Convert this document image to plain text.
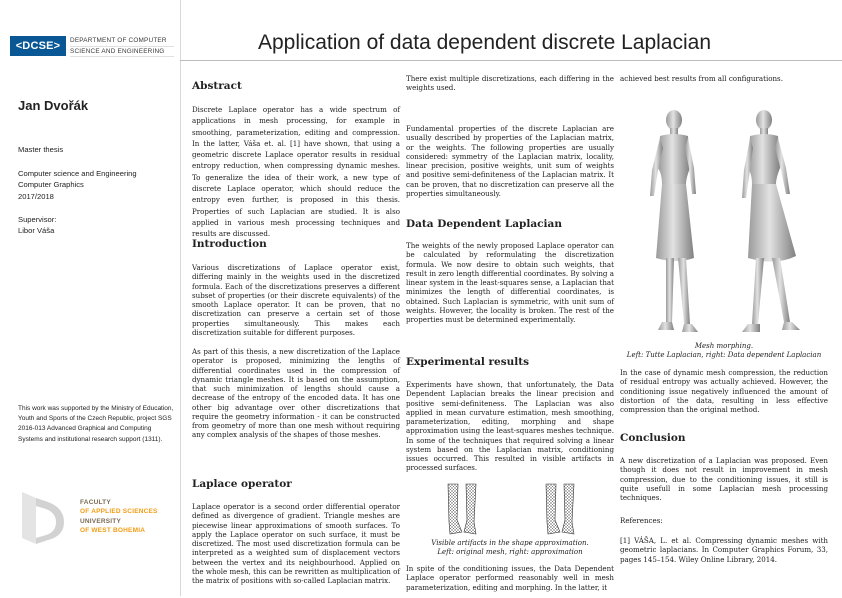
<DCSE>	DEPARTMENT OF COMPUTER
SCIENCE AND ENGINEERING
Jan Dvořák
Master thesis
Computer science and Engineering
Computer Graphics
2017/2018
Supervisor:
Libor Váša
This work was supported by the Ministry of Education, Youth and Sports of the Czech Republic, project SGS 2016-013 Advanced Graphical and Computing Systems and institutional research support (1311).
FACULTY
OF APPLIED SCIENCES
UNIVERSITY
OF WEST BOHEMIA
Application of data dependent discrete Laplacian
Abstract

Discrete Laplace operator has a wide spectrum of applications in mesh processing, for example in smoothing, parameterization, editing and compression. In the latter, Váša et. al. [1] have shown, that using a geometric discrete Laplace operator results in residual entropy reduction, when compressing dynamic meshes. To generalize the idea of their work, a new type of discrete Laplace operator, which should reduce the entropy even further, is proposed in this thesis. Properties of such Laplacian are studied. It is also applied in various mesh processing techniques and results are discussed.

Introduction

Various discretizations of Laplace operator exist, differing mainly in the weights used in the discretized formula. Each of the discretizations preserves a different subset of properties (or their discrete equivalents) of the smooth Laplace operator. It can be proven, that no discretization can preserve a certain set of those properties simultaneously. This makes each discretization suitable for different purposes.

As part of this thesis, a new discretization of the Laplace operator is proposed, minimizing the lengths of differential coordinates used in the compression of dynamic triangle meshes. It is based on the assumption, that such minimization of lengths should cause a decrease of the entropy of the encoded data. It has one other big advantage over other discretizations that require the geometry information - it can be constructed from geometry of more than one mesh without requiring any complex analysis of the shapes of those meshes.

Laplace operator

Laplace operator is a second order differential operator defined as divergence of gradient. Triangle meshes are piecewise linear approximations of smooth surfaces. To apply the Laplace operator on such surface, it must be discretized. The most used discretization formula can be interpreted as a weighted sum of displacement vectors between the vertex and its neighbourhood. Applied on the whole mesh, this can be rewritten as multiplication of the matrix of positions with so-called Laplacian matrix.

There exist multiple discretizations, each differing in the weights used.

Fundamental properties of the discrete Laplacian are usually described by properties of the Laplacian matrix, or the weights. The following properties are usually considered: symmetry of the Laplacian matrix, locality, linear precision, positive weights, unit sum of weights and positive semi-definiteness of the Laplacian matrix. It can be proven, that no discretization can preserve all the properties simultaneously.

Data Dependent Laplacian

The weights of the newly proposed Laplace operator can be calculated by reformulating the discretization formula. We now desire to obtain such weights, that result in zero length differential coordinates. By solving a linear system in the least-squares sense, a Laplacian that minimizes the length of differential coordinates, is obtained. Such Laplacian is symmetric, with unit sum of weights. However, the locality is broken. The rest of the properties must be determined experimentally.

Experimental results

Experiments have shown, that unfortunately, the Data Dependent Laplacian breaks the linear precision and positive semi-definiteness. The Laplacian was also applied in mean curvature estimation, mesh smoothing, parameterization, editing, morphing and shape approximation using the least-squares meshes technique. In some of the techniques that required solving a linear system based on the Laplacian matrix, conditioning issues occurred. This resulted in visible artifacts in processed surfaces.

Visible artifacts in the shape approximation.
Left: original mesh, right: approximation

In spite of the conditioning issues, the Data Dependent Laplace operator performed reasonably well in mesh parameterization, editing and morphing. In the latter, it

achieved best results from all configurations.

Mesh morphing.
Left: Tutte Laplacian, right: Data dependent Laplacian

In the case of dynamic mesh compression, the reduction of residual entropy was actually achieved. However, the conditioning issue negatively influenced the amount of distortion of the data, resulting in less effective compression than the original method.

Conclusion

A new discretization of a Laplacian was proposed. Even though it does not result in improvement in mesh compression, due to the conditioning issues, it still is quite usefull in some Laplacian mesh processing techniques.

References:
[1] VÁŠA, L. et al. Compressing dynamic meshes with geometric laplacians. In Computer Graphics Forum, 33, pages 145–154. Wiley Online Library, 2014.
